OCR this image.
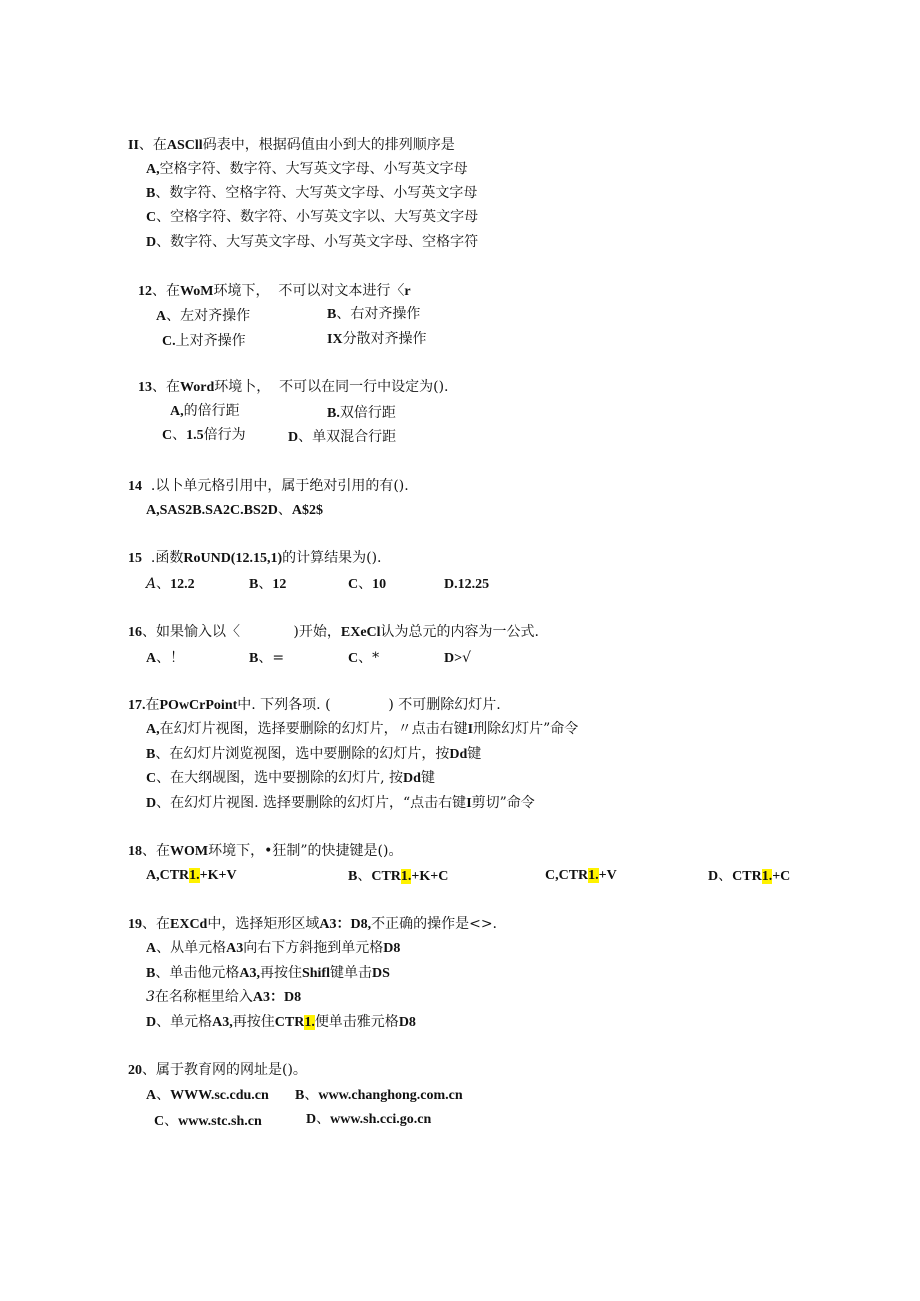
II、在ASCll码表中，根据码值由小到大的排列顺序是
A,空格字符、数字符、大写英文字母、小写英文字母
B、数字符、空格字符、大写英文字母、小写英文字母
C、空格字符、数字符、小写英文字以、大写英文字母
D、数字符、大写英文字母、小写英文字母、空格字符
12、在WoM环境下，  不可以对文本进行〈r
A、左对齐操作	B、右对齐操作
C.上对齐操作	IX分散对齐操作
13、在Word环境卜，  不可以在同一行中设定为().
A,的倍行距	B.双倍行距
C、1.5倍行为	D、单双混合行距
14  .以卜单元格引用中，属于绝对引用的有().
A,SAS2B.SA2C.BS2D、A$2$
15  .函数RoUND(12.15,1)的计算结果为().
A、12.2	B、12	C、10	D.12.25
16、如果愉入以〈            )开始，EXeCl认为总元的内容为一公式.
A、！	B、=	C、*	D>√
17.在POwCrPoint中. 下列各项. (             ) 不可删除幻灯片.
A,在幻灯片视图，选择要删除的幻灯片，〃点击右键I刑除幻灯片”命令
B、在幻灯片浏览视图，选中要删除的幻灯片，按Dd键
C、在大纲觇图，选中要捌除的幻灯片, 按Dd键
D、在幻灯片视图. 选择要删除的幻灯片，“点击右键I剪切”命令
18、在WOM环境下，•狂制”的快捷键是()。
A,CTR1.+K+V	B、CTR1.+K+C	C,CTR1.+V	D、CTR1.+C
19、在EXCd中，选择矩形区域A3：D8,不正确的操作是<>.
A、从单元格A3向右下方斜拖到单元格D8
B、单击他元格A3,再按住Shifl键单击DS
3在名称框里给入A3：D8
D、单元格A3,再按住CTR1.便单击雅元格D8
20、属于教育网的网址是()。
A、WWW.sc.cdu.cn B、www.changhong.com.cn
C、www.stc.sh.cn	D、www.sh.cci.go.cn
